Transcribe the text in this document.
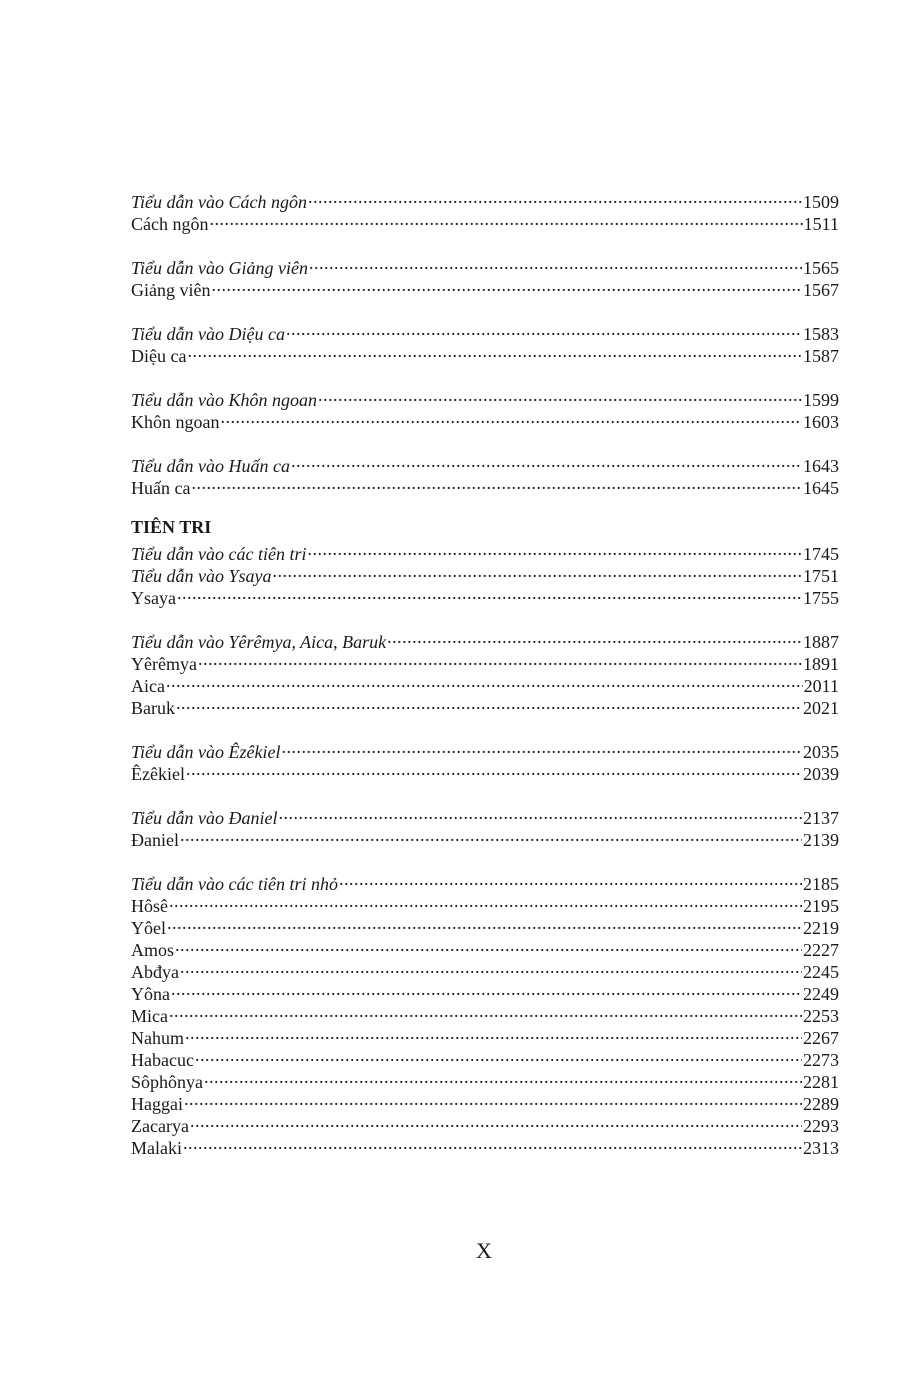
Tiểu dẫn vào Cách ngôn .....	1509
Cách ngôn .....	1511
Tiểu dẫn vào Giảng viên .....	1565
Giảng viên .....	1567
Tiểu dẫn vào Diệu ca .....	1583
Diệu ca .....	1587
Tiểu dẫn vào Khôn ngoan .....	1599
Khôn ngoan .....	1603
Tiểu dẫn vào Huấn ca .....	1643
Huấn ca .....	1645
TIÊN TRI
Tiểu dẫn vào các tiên tri .....	1745
Tiểu dẫn vào Ysaya .....	1751
Ysaya .....	1755
Tiểu dẫn vào Yêrêmya, Aica, Baruk .....	1887
Yêrêmya .....	1891
Aica .....	2011
Baruk .....	2021
Tiểu dẫn vào Êzêkiel .....	2035
Êzêkiel .....	2039
Tiểu dẫn vào Đaniel .....	2137
Đaniel .....	2139
Tiểu dẫn vào các tiên tri nhỏ .....	2185
Hôsê .....	2195
Yôel .....	2219
Amos .....	2227
Abđya .....	2245
Yôna .....	2249
Mica .....	2253
Nahum .....	2267
Habacuc .....	2273
Sôphônya .....	2281
Haggai .....	2289
Zacarya .....	2293
Malaki .....	2313
X
